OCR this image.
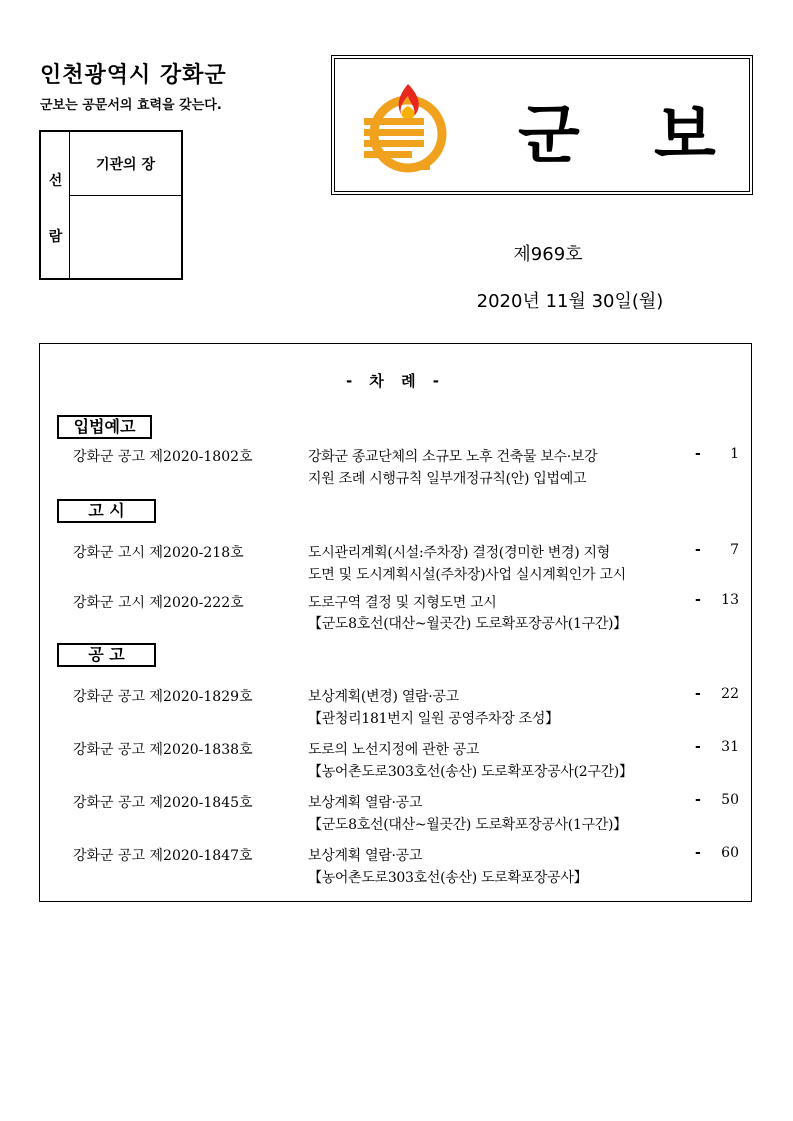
인천광역시 강화군
군보는 공문서의 효력을 갖는다.
선
람
기관의 장	군 보
제969호
2020년 11월 30일(월)
- 차 례 -
입법예고
강화군 공고 제2020-1802호	강화군 종교단체의 소규모 노후 건축물 보수·보강	- 1
지원 조례 시행규칙 일부개정규칙(안) 입법예고
고 시
강화군 고시 제2020-218호	도시관리계획(시설:주차장) 결정(경미한 변경) 지형	- 7
도면 및 도시계획시설(주차장)사업 실시계획인가 고시
강화군 고시 제2020-222호	도로구역 결정 및 지형도면 고시	- 13
【군도8호선(대산~월곳간) 도로확포장공사(1구간)】
공 고
강화군 공고 제2020-1829호	보상계획(변경) 열람·공고	- 22
【관청리181번지 일원 공영주차장 조성】
강화군 공고 제2020-1838호	도로의 노선지정에 관한 공고	- 31
【농어촌도로303호선(송산) 도로확포장공사(2구간)】
강화군 공고 제2020-1845호	보상계획 열람·공고	- 50
【군도8호선(대산~월곳간) 도로확포장공사(1구간)】
강화군 공고 제2020-1847호	보상계획 열람·공고	- 60
【농어촌도로303호선(송산) 도로확포장공사】
